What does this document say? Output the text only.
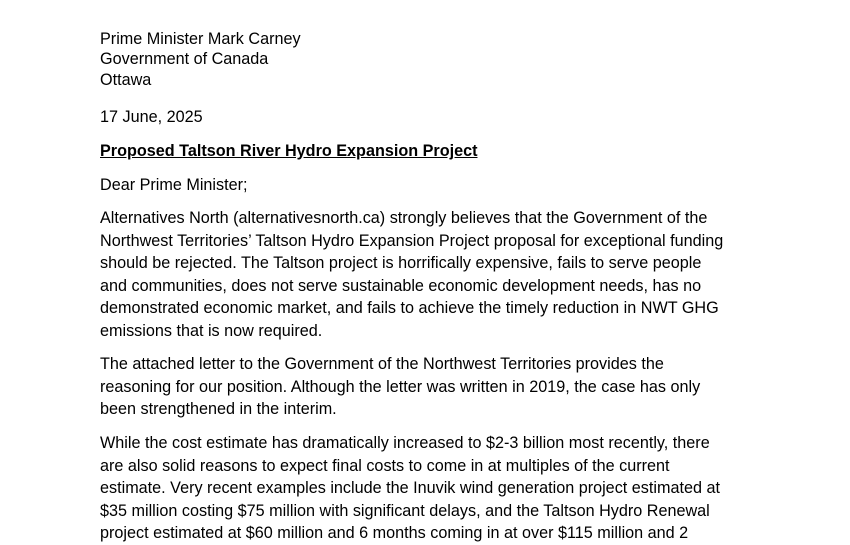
Prime Minister Mark Carney
Government of Canada
Ottawa
17 June, 2025
Proposed Taltson River Hydro Expansion Project
Dear Prime Minister;
Alternatives North (alternativesnorth.ca) strongly believes that the Government of the
Northwest Territories’ Taltson Hydro Expansion Project proposal for exceptional funding
should be rejected. The Taltson project is horrifically expensive, fails to serve people
and communities, does not serve sustainable economic development needs, has no
demonstrated economic market, and fails to achieve the timely reduction in NWT GHG
emissions that is now required.
The attached letter to the Government of the Northwest Territories provides the
reasoning for our position. Although the letter was written in 2019, the case has only
been strengthened in the interim.
While the cost estimate has dramatically increased to $2-3 billion most recently, there
are also solid reasons to expect final costs to come in at multiples of the current
estimate. Very recent examples include the Inuvik wind generation project estimated at
$35 million costing $75 million with significant delays, and the Taltson Hydro Renewal
project estimated at $60 million and 6 months coming in at over $115 million and 2
